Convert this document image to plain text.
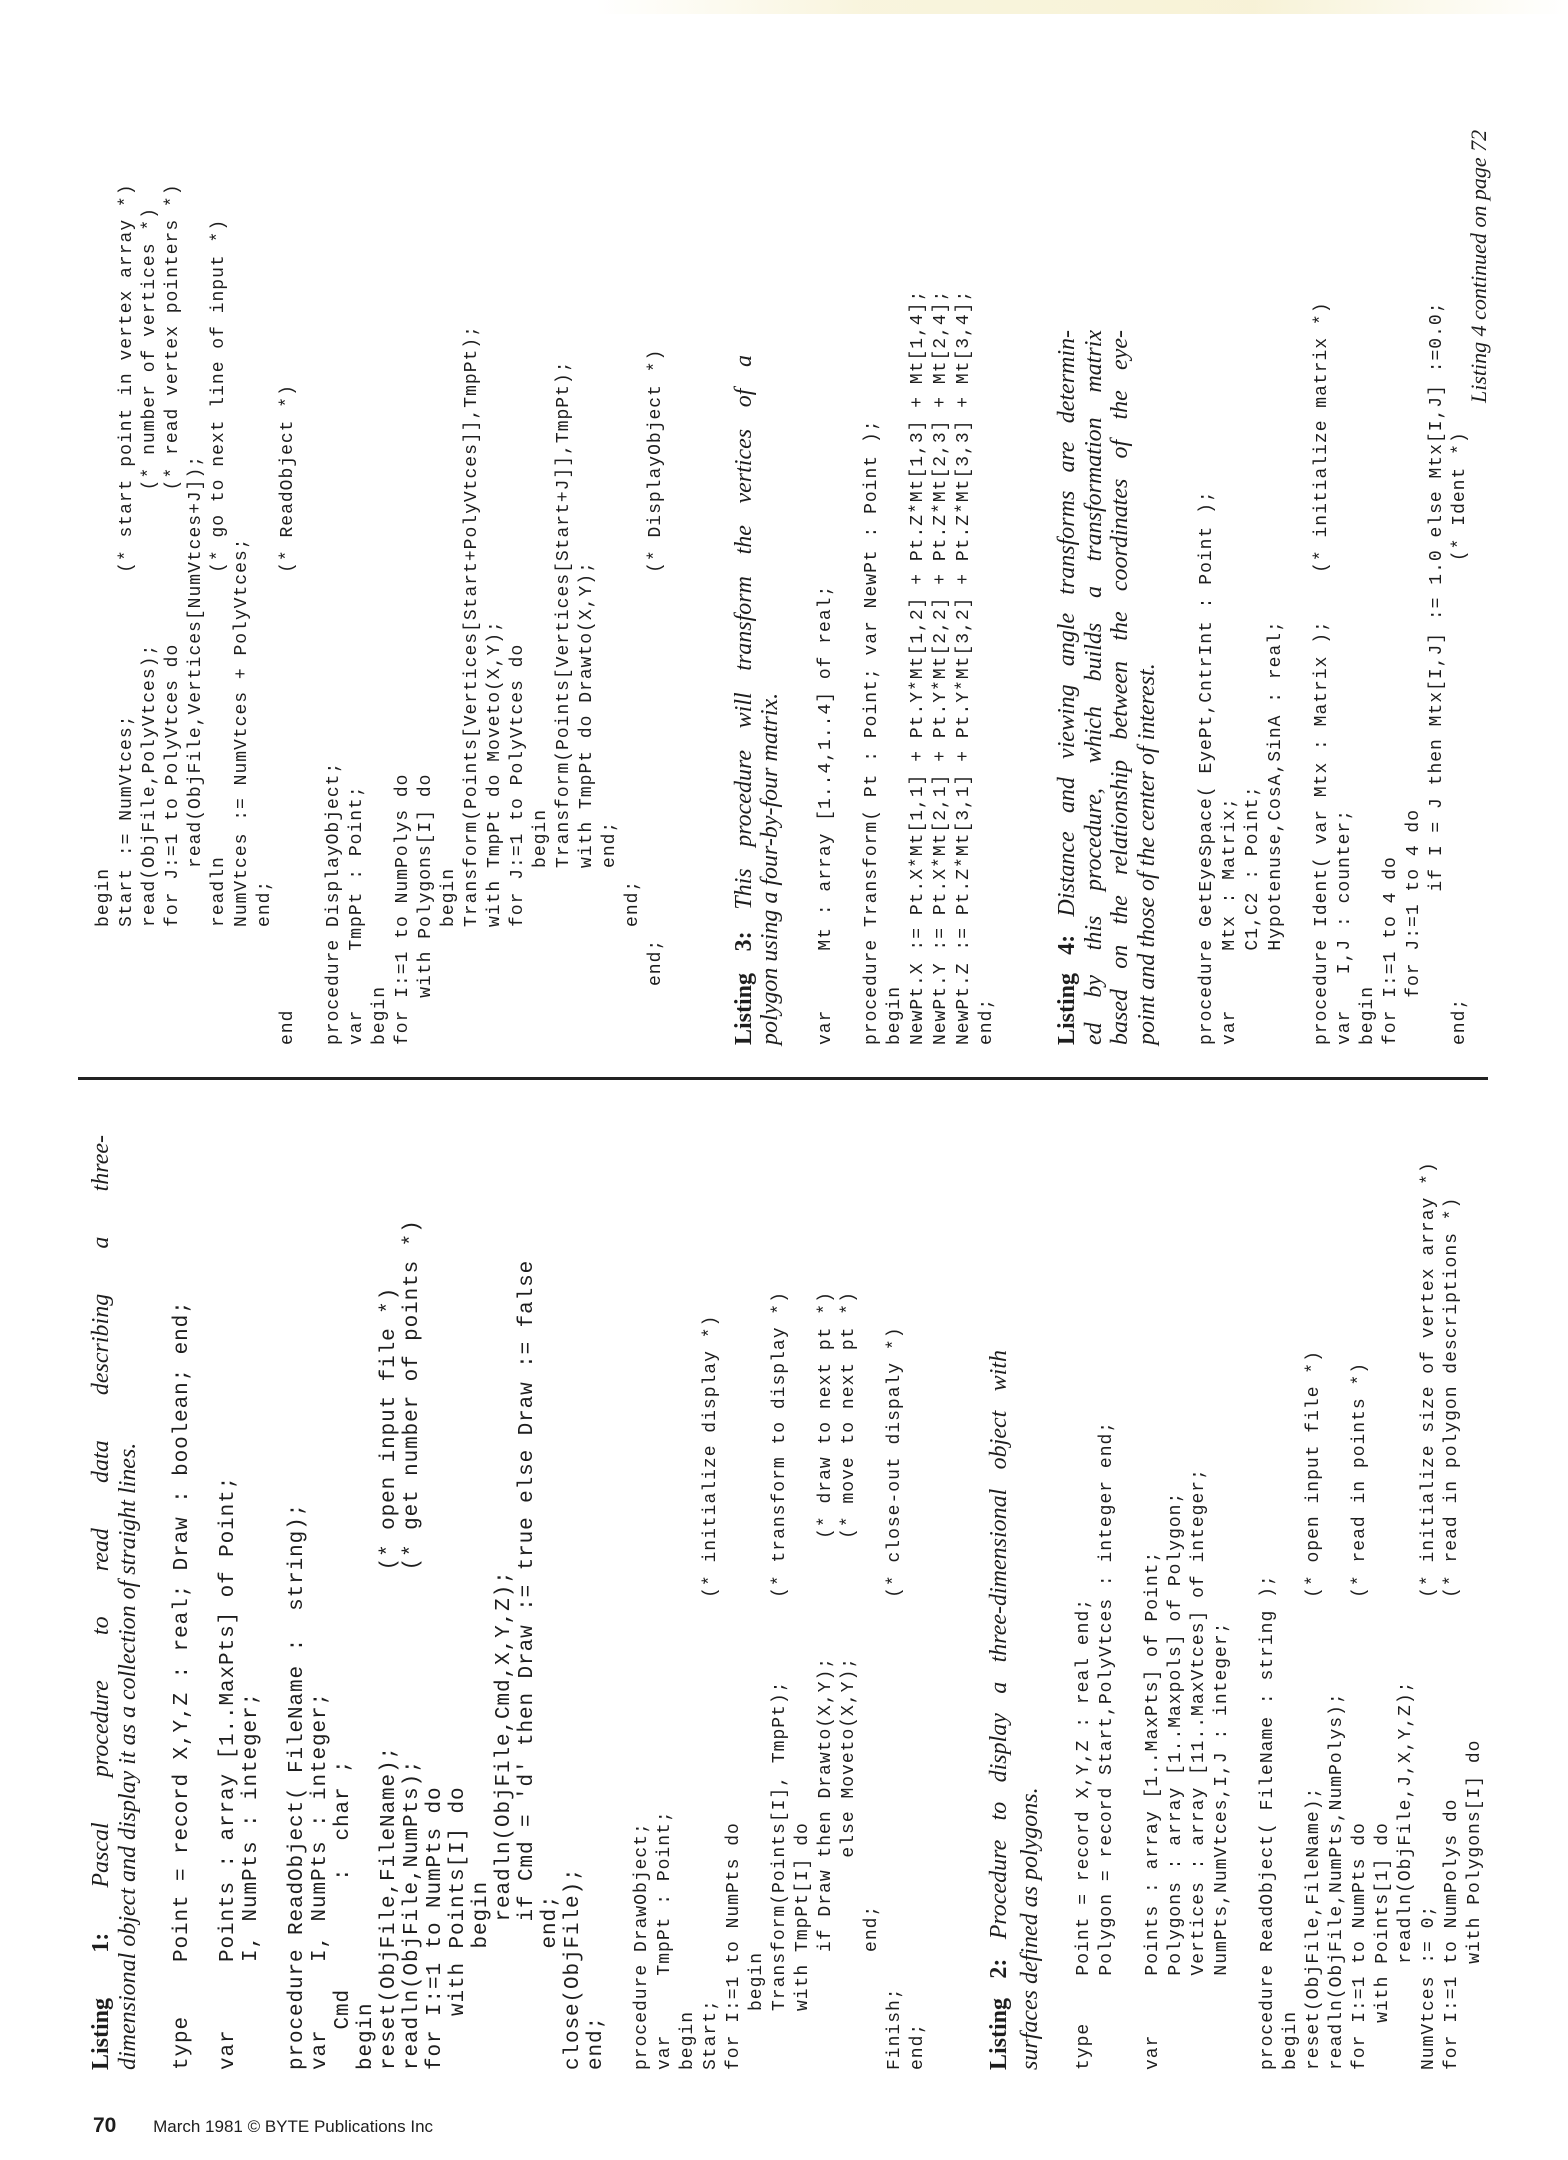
Listing 1: Pascal procedure to read data describing a three- dimensional object and display it as a collection of straight lines. type    Point = record X,Y,Z : real; Draw : boolean; end; var     Points : array [1..MaxPts] of Point; I, NumPts : integer; procedure ReadObject( FileName :  string); var     I, NumPts : integer; Cmd        :  char ; begin reset(ObjFile,FileName);             (* open input file *) readln(ObjFile,NumPts);              (* get number of points *) for I:=1 to NumPts do with Points[I] do begin readln(ObjFile,Cmd,X,Y,Z); if Cmd = 'd' then Draw := true else Draw := false end; close(ObjFile); end; procedure DrawObject; var     TmpPt : Point; begin Start;                                  (* initialize display *) for I:=1 to NumPts do begin Transform(Points[I], TmpPt);       (* transform to display *) with TmpPt[I] do if Draw then Drawto(X,Y);          (* draw to next pt *) else Moveto(X,Y);          (* move to next pt *) end; Finish;                                 (* close-out dispaly *) end; Listing 2: Procedure to display a three-dimensional object with surfaces defined as polygons. type    Point = record X,Y,Z : real end; Polygon = record Start,PolyVtces : integer end; var     Points : array [1..MaxPts] of Point; Polygons : array [1..Maxpols] of Polygon; Vertices : array [11..MaxVtces] of integer; NumPts,NumVtces,I,J : integer; procedure ReadObject( FileName : string ); begin reset(ObjFile,FileName);                (* open input file *) readln(ObjFile,NumPts,NumPolys); for I:=1 to NumPts do                   (* read in points *) with Points[1] do readln(ObjFile,J,X,Y,Z); NumVtces := 0;                          (* initialize size of vertex array *) for I:=1 to NumPolys do                 (* read in polygon descriptions *) with Polygons[I] do
begin Start := NumVtces;            (* start point in vertex array *) read(ObjFile,PolyVtces);             (* number of vertices *) for J:=1 to PolyVtces do             (* read vertex pointers *) read(ObjFile,Vertices[NumVtces+J]); readln                        (* go to next line of input *) NumVtces := NumVtces + PolyVtces; end; end                                     (* ReadObject *) procedure DisplayObject; var     TmpPt : Point; begin for I:=1 to NumPolys do with Polygons[I] do begin Transform(Points[Vertices[Start+PolyVtces]],TmpPt); with TmpPt do Moveto(X,Y); for J:=1 to PolyVtces do begin Transform(Points[Vertices[Start+J]],TmpPt); with TmpPt do Drawto(X,Y); end; end; end;                               (* DisplayObject *)	Listing 3: This procedure will transform the vertices of a polygon using a four-by-four matrix. var     Mt : array [1..4,1..4] of real; procedure Transform( Pt : Point; var NewPt : Point ); begin NewPt.X := Pt.X*Mt[1,1] + Pt.Y*Mt[1,2] + Pt.Z*Mt[1,3] + Mt[1,4]; NewPt.Y := Pt.X*Mt[2,1] + Pt.Y*Mt[2,2] + Pt.Z*Mt[2,3] + Mt[2,4]; NewPt.Z := Pt.Z*Mt[3,1] + Pt.Y*Mt[3,2] + Pt.Z*Mt[3,3] + Mt[3,4]; end; Listing 4: Distance and viewing angle transforms are determin- ed by this procedure, which builds a transformation matrix based on the relationship between the coordinates of the eye- point and those of the center of interest. procedure GetEyeSpace( EyePt,CntrInt : Point ); var     Mtx : Matrix; C1,C2 : Point; Hypotenuse,CosA,SinA : real; procedure Ident( var Mtx : Matrix );    (* initialize matrix *) var   I,J : counter; begin for I:=1 to 4 do for J:=1 to 4 do if I = J then Mtx[I,J] := 1.0 else Mtx[I,J] :=0.0; end;                                     (* Ident *)
Listing 4 continued on page 72
70 March 1981 © BYTE Publications Inc
